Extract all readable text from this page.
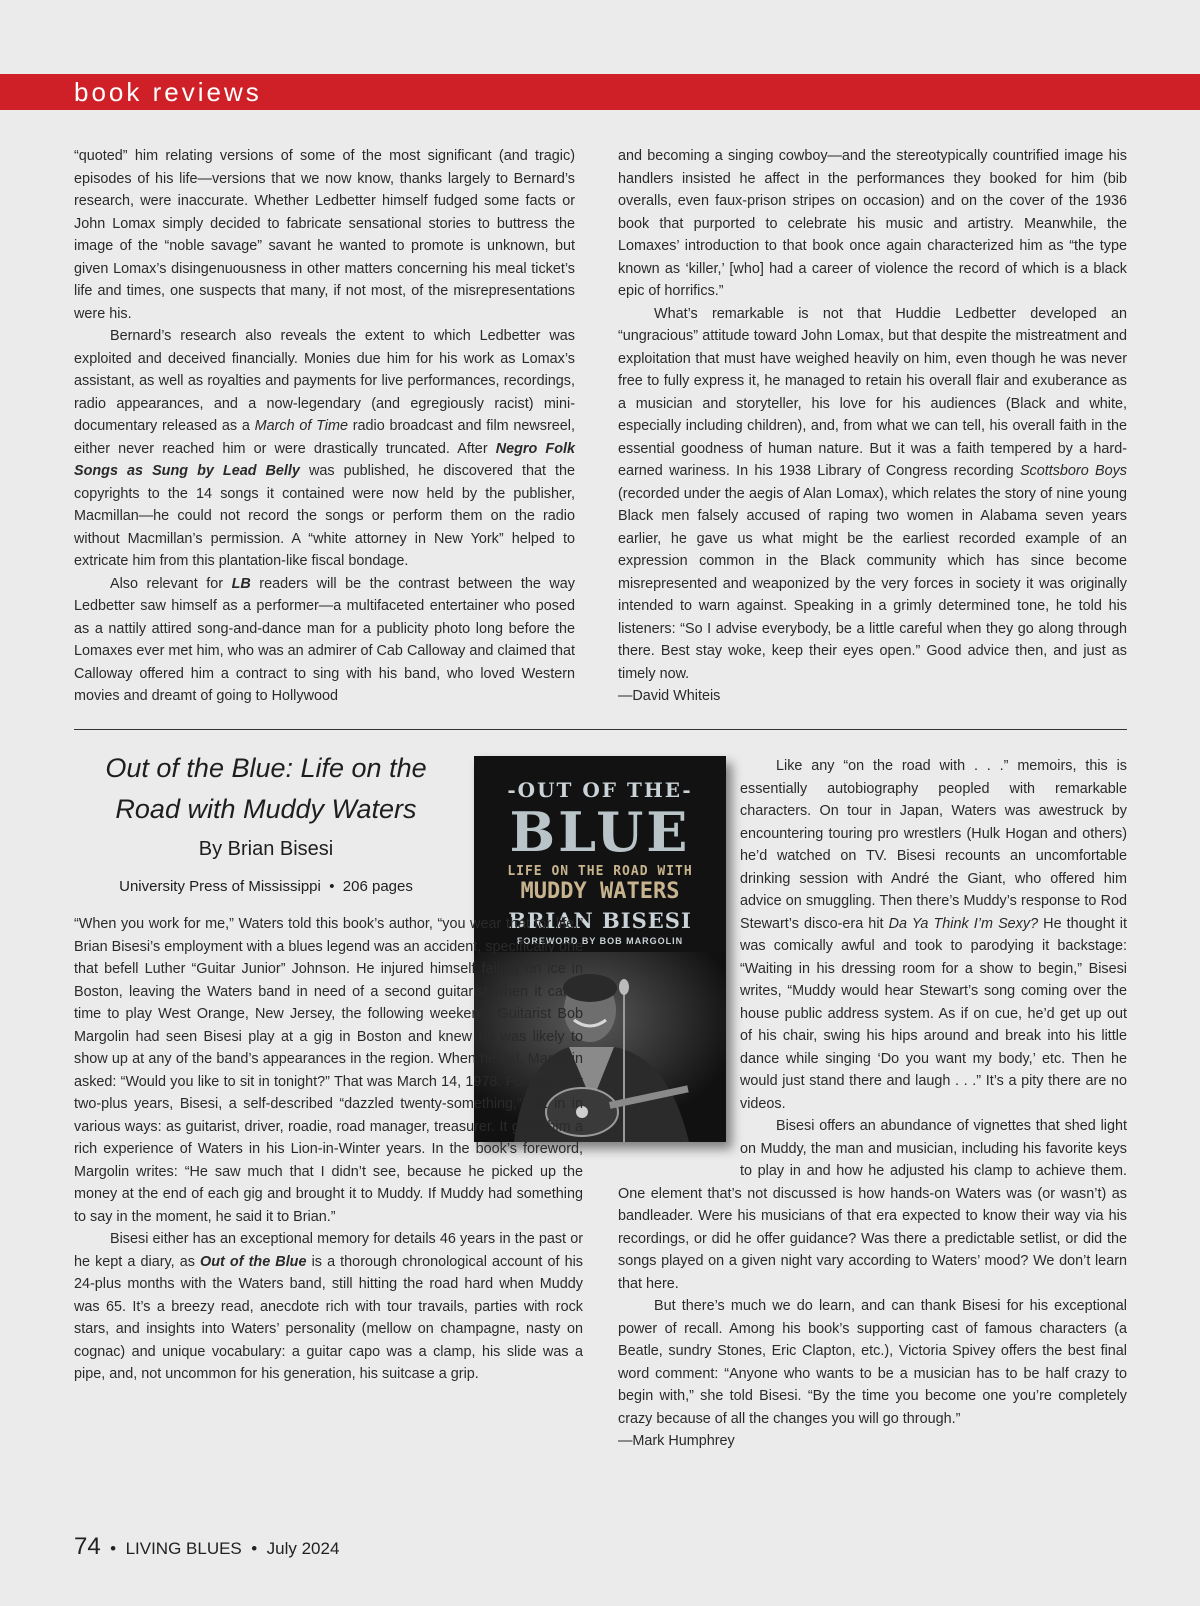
book reviews

“quoted” him relating versions of some of the most significant (and tragic) episodes of his life—versions that we now know, thanks largely to Bernard’s research, were inaccurate. Whether Ledbetter himself fudged some facts or John Lomax simply decided to fabricate sensational stories to buttress the image of the “noble savage” savant he wanted to promote is unknown, but given Lomax’s disingenuousness in other matters concerning his meal ticket’s life and times, one suspects that many, if not most, of the misrepresentations were his.

Bernard’s research also reveals the extent to which Ledbetter was exploited and deceived financially. Monies due him for his work as Lomax’s assistant, as well as royalties and payments for live performances, recordings, radio appearances, and a now-legendary (and egregiously racist) mini-documentary released as a March of Time radio broadcast and film newsreel, either never reached him or were drastically truncated. After Negro Folk Songs as Sung by Lead Belly was published, he discovered that the copyrights to the 14 songs it contained were now held by the publisher, Macmillan—he could not record the songs or perform them on the radio without Macmillan’s permission. A “white attorney in New York” helped to extricate him from this plantation-like fiscal bondage.

Also relevant for LB readers will be the contrast between the way Ledbetter saw himself as a performer—a multifaceted entertainer who posed as a nattily attired song-and-dance man for a publicity photo long before the Lomaxes ever met him, who was an admirer of Cab Calloway and claimed that Calloway offered him a contract to sing with his band, who loved Western movies and dreamt of going to Hollywood

and becoming a singing cowboy—and the stereotypically countrified image his handlers insisted he affect in the performances they booked for him (bib overalls, even faux-prison stripes on occasion) and on the cover of the 1936 book that purported to celebrate his music and artistry. Meanwhile, the Lomaxes’ introduction to that book once again characterized him as “the type known as ‘killer,’ [who] had a career of violence the record of which is a black epic of horrifics.”

What’s remarkable is not that Huddie Ledbetter developed an “ungracious” attitude toward John Lomax, but that despite the mistreatment and exploitation that must have weighed heavily on him, even though he was never free to fully express it, he managed to retain his overall flair and exuberance as a musician and storyteller, his love for his audiences (Black and white, especially including children), and, from what we can tell, his overall faith in the essential goodness of human nature. But it was a faith tempered by a hard-earned wariness. In his 1938 Library of Congress recording Scottsboro Boys (recorded under the aegis of Alan Lomax), which relates the story of nine young Black men falsely accused of raping two women in Alabama seven years earlier, he gave us what might be the earliest recorded example of an expression common in the Black community which has since become misrepresented and weaponized by the very forces in society it was originally intended to warn against. Speaking in a grimly determined tone, he told his listeners: “So I advise everybody, be a little careful when they go along through there. Best stay woke, keep their eyes open.” Good advice then, and just as timely now.

—David Whiteis

Out of the Blue: Life on the Road with Muddy Waters
By Brian Bisesi
University Press of Mississippi • 206 pages
-OUT OF THE-
BLUE
LIFE ON THE ROAD WITH
MUDDY WATERS
BRIAN BISESI
FOREWORD BY BOB MARGOLIN

“When you work for me,” Waters told this book’s author, “you wear that for life.” Brian Bisesi’s employment with a blues legend was an accident, specifically one that befell Luther “Guitar Junior” Johnson. He injured himself falling on ice in Boston, leaving the Waters band in need of a second guitarist when it came time to play West Orange, New Jersey, the following weekend. Guitarist Bob Margolin had seen Bisesi play at a gig in Boston and knew he was likely to show up at any of the band’s appearances in the region. When he did, Margolin asked: “Would you like to sit in tonight?” That was March 14, 1978. For the next two-plus years, Bisesi, a self-described “dazzled twenty-something,” sat in in various ways: as guitarist, driver, roadie, road manager, treasurer. It gave him a rich experience of Waters in his Lion-in-Winter years. In the book’s foreword, Margolin writes: “He saw much that I didn’t see, because he picked up the money at the end of each gig and brought it to Muddy. If Muddy had something to say in the moment, he said it to Brian.”

Bisesi either has an exceptional memory for details 46 years in the past or he kept a diary, as Out of the Blue is a thorough chronological account of his 24-plus months with the Waters band, still hitting the road hard when Muddy was 65. It’s a breezy read, anecdote rich with tour travails, parties with rock stars, and insights into Waters’ personality (mellow on champagne, nasty on cognac) and unique vocabulary: a guitar capo was a clamp, his slide was a pipe, and, not uncommon for his generation, his suitcase a grip.

Like any “on the road with . . .” memoirs, this is essentially autobiography peopled with remarkable characters. On tour in Japan, Waters was awestruck by encountering touring pro wrestlers (Hulk Hogan and others) he’d watched on TV. Bisesi recounts an uncomfortable drinking session with André the Giant, who offered him advice on smuggling. Then there’s Muddy’s response to Rod Stewart’s disco-era hit Da Ya Think I’m Sexy? He thought it was comically awful and took to parodying it backstage: “Waiting in his dressing room for a show to begin,” Bisesi writes, “Muddy would hear Stewart’s song coming over the house public address system. As if on cue, he’d get up out of his chair, swing his hips around and break into his little dance while singing ‘Do you want my body,’ etc. Then he would just stand there and laugh . . .” It’s a pity there are no videos.

Bisesi offers an abundance of vignettes that shed light on Muddy, the man and musician, including his favorite keys to play in and how he adjusted his clamp to achieve them. One element that’s not discussed is how hands-on Waters was (or wasn’t) as bandleader. Were his musicians of that era expected to know their way via his recordings, or did he offer guidance? Was there a predictable setlist, or did the songs played on a given night vary according to Waters’ mood? We don’t learn that here.

But there’s much we do learn, and can thank Bisesi for his exceptional power of recall. Among his book’s supporting cast of famous characters (a Beatle, sundry Stones, Eric Clapton, etc.), Victoria Spivey offers the best final word comment: “Anyone who wants to be a musician has to be half crazy to begin with,” she told Bisesi. “By the time you become one you’re completely crazy because of all the changes you will go through.”

—Mark Humphrey

74 • LIVING BLUES • July 2024
